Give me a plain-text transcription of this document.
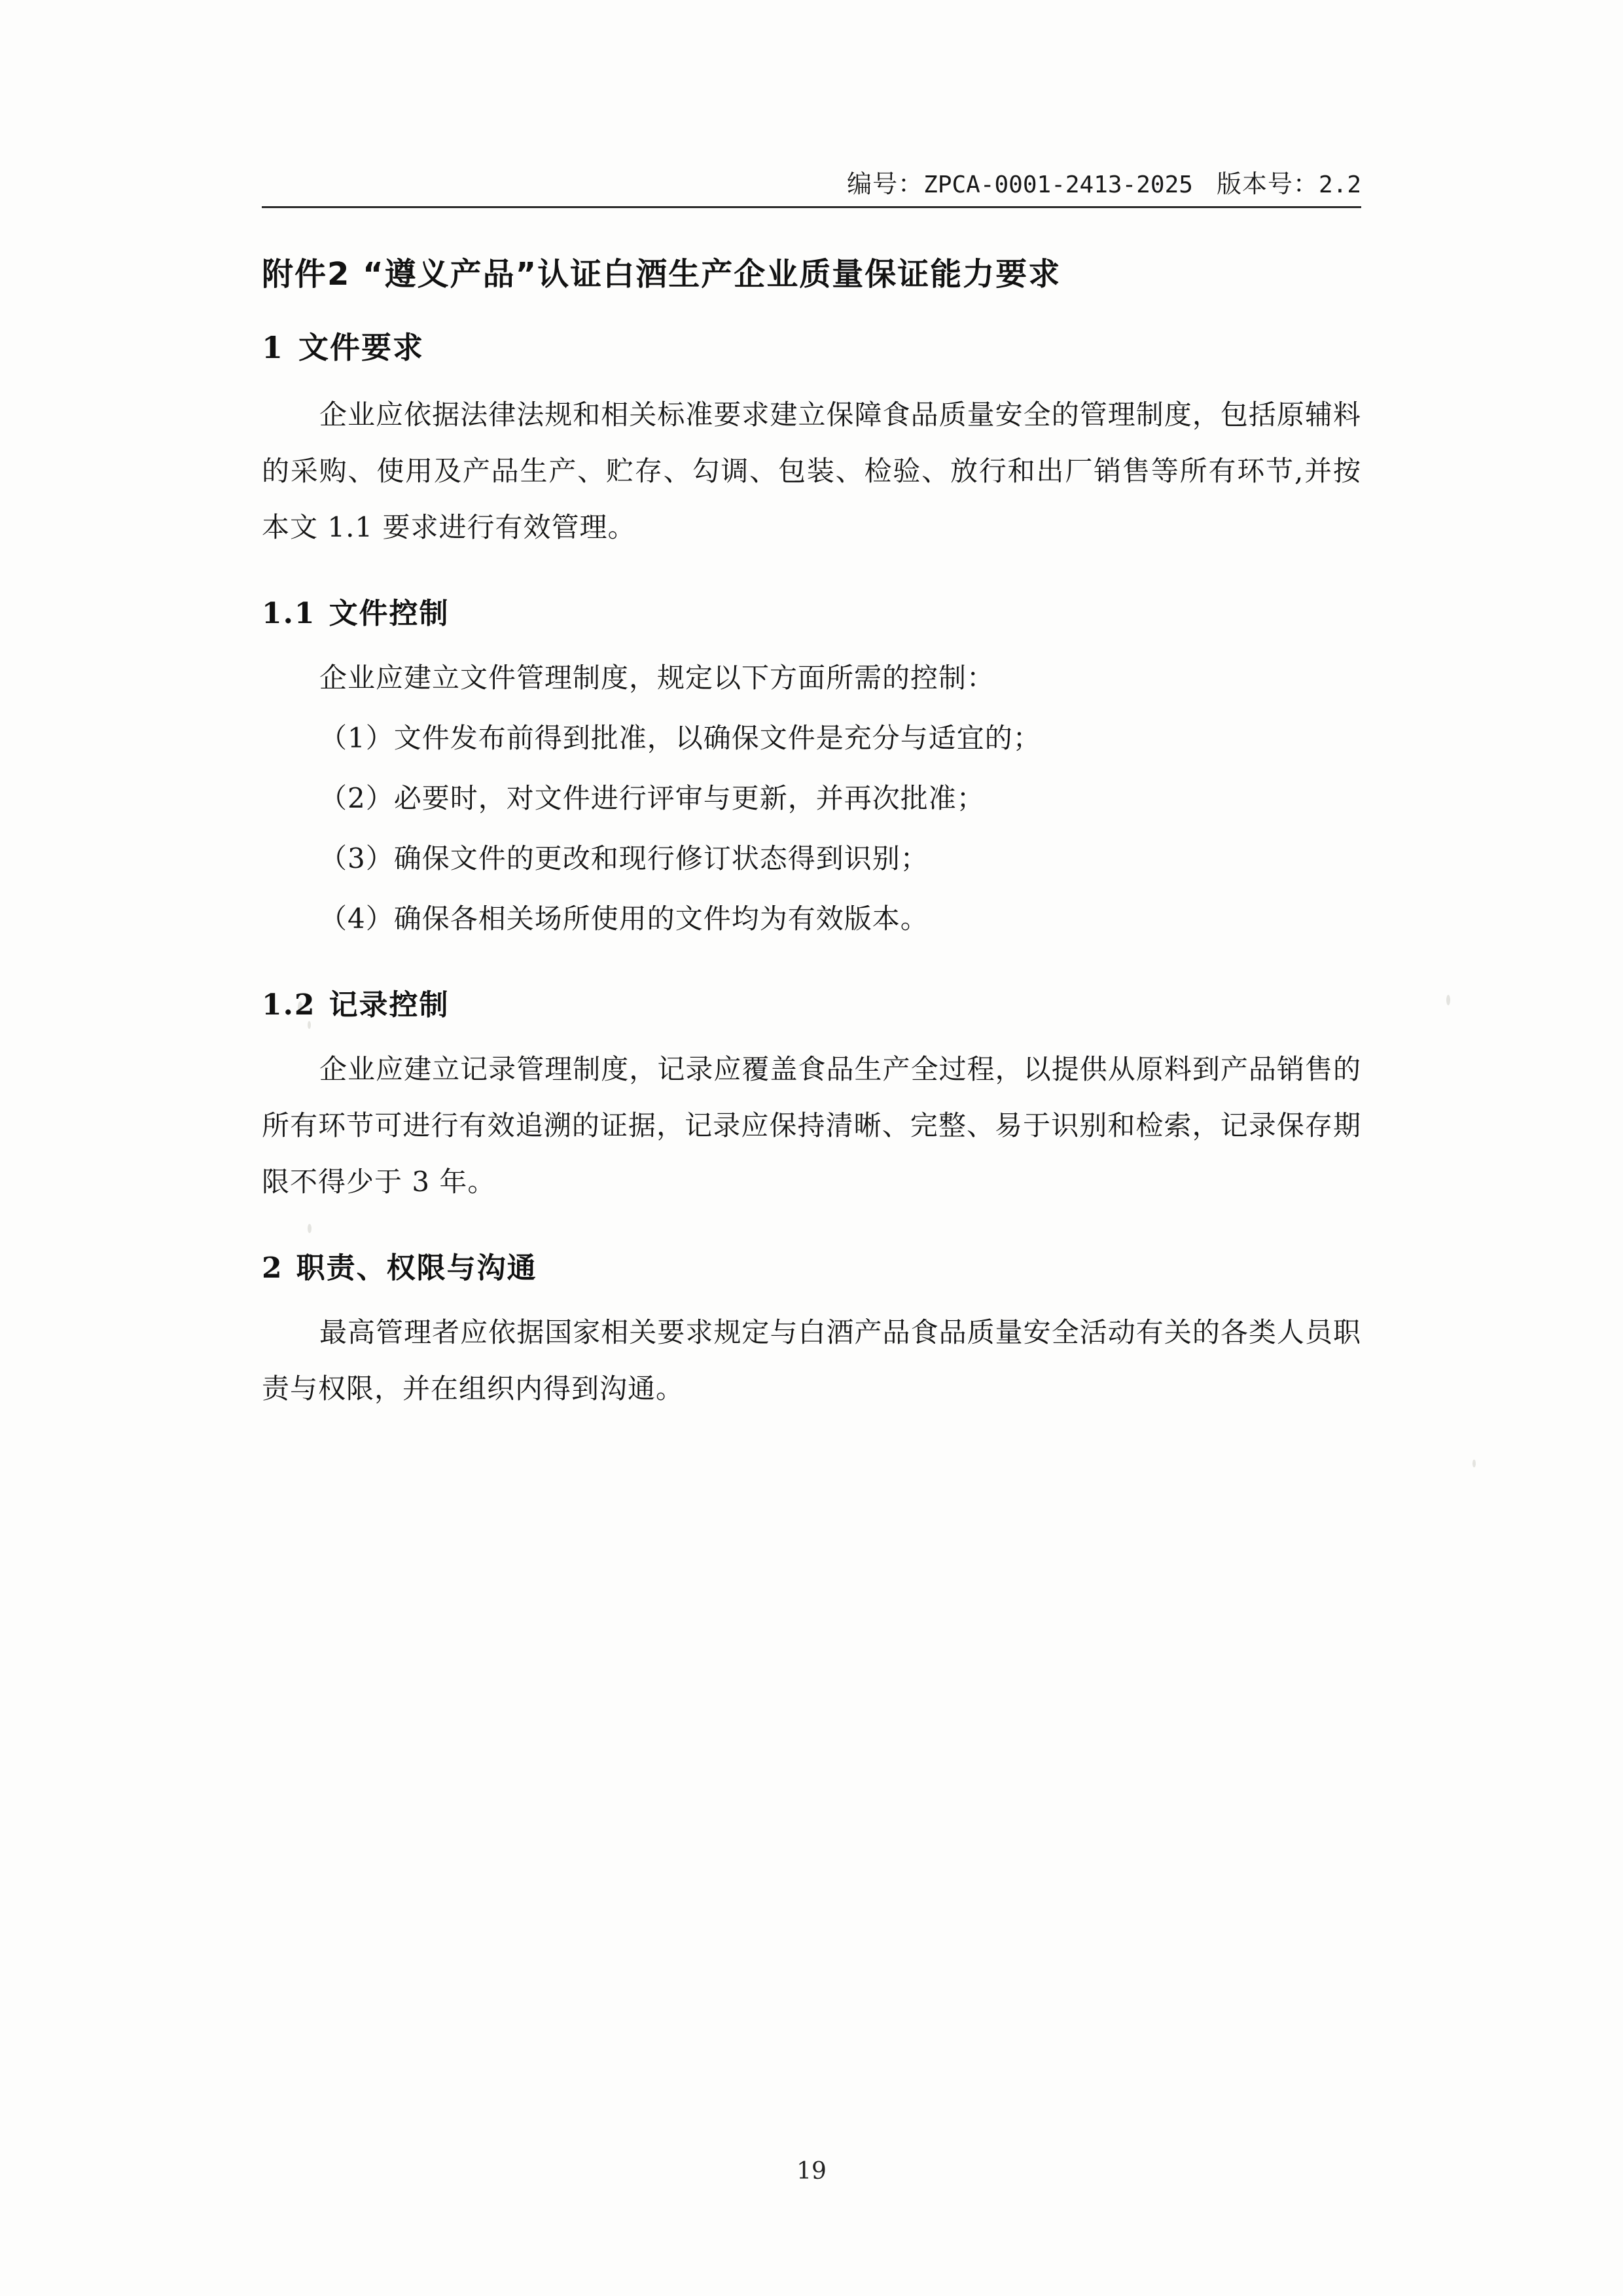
编号：ZPCA-0001-2413-2025 版本号：2.2
附件2 “遵义产品”认证白酒生产企业质量保证能力要求
1 文件要求

企业应依据法律法规和相关标准要求建立保障食品质量安全的管理制度，包括原辅料的采购、使用及产品生产、贮存、勾调、包装、检验、放行和出厂销售等所有环节,并按本文 1.1 要求进行有效管理。

1.1 文件控制

企业应建立文件管理制度，规定以下方面所需的控制：

（1）文件发布前得到批准，以确保文件是充分与适宜的；

（2）必要时，对文件进行评审与更新，并再次批准；

（3）确保文件的更改和现行修订状态得到识别；

（4）确保各相关场所使用的文件均为有效版本。

1.2 记录控制

企业应建立记录管理制度，记录应覆盖食品生产全过程，以提供从原料到产品销售的所有环节可进行有效追溯的证据，记录应保持清晰、完整、易于识别和检索，记录保存期限不得少于 3 年。

2 职责、权限与沟通

最高管理者应依据国家相关要求规定与白酒产品食品质量安全活动有关的各类人员职责与权限，并在组织内得到沟通。

19
